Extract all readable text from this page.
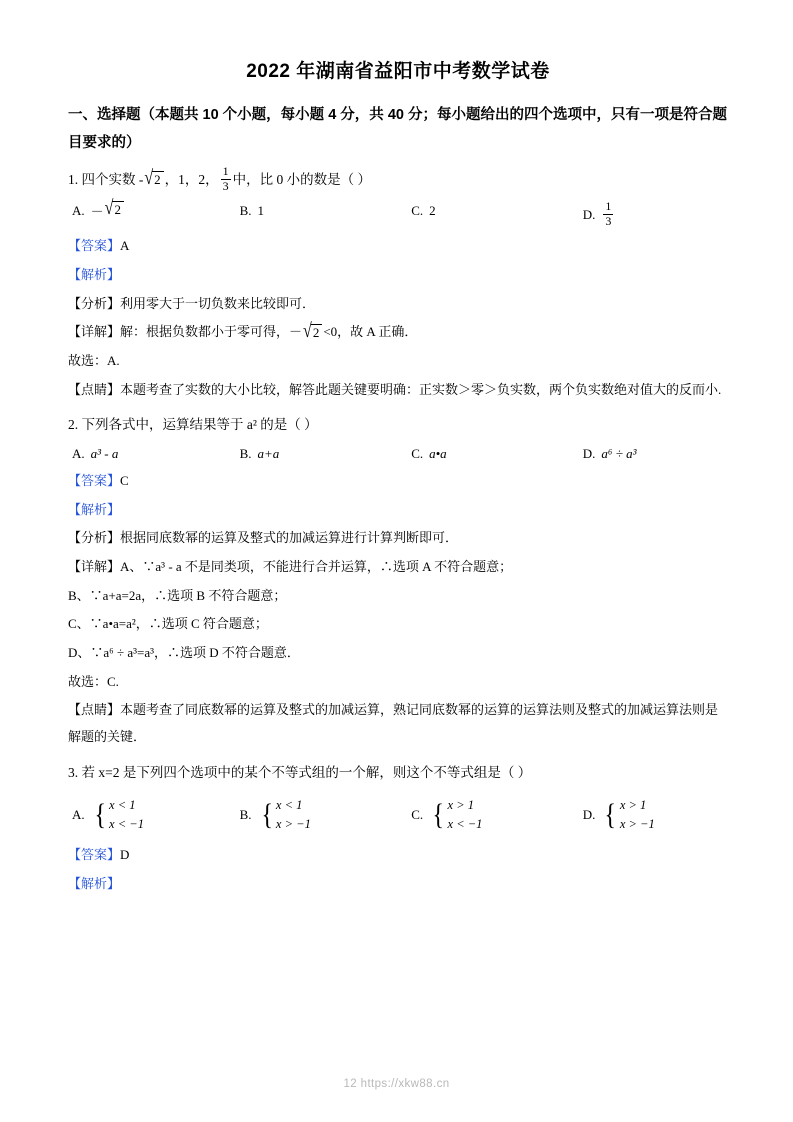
2022 年湖南省益阳市中考数学试卷
一、选择题（本题共 10 个小题，每小题 4 分，共 40 分；每小题给出的四个选项中，只有一项是符合题目要求的）
1. 四个实数 - √ 2 ，1，2， $\frac{1}{3}$ 中，比 0 小的数是（ ）
A. － √ 2	B. 1	C. 2	D. $\frac{1}{3}$
【答案】A
【解析】
【分析】利用零大于一切负数来比较即可．
【详解】解：根据负数都小于零可得，－ √ 2 <0，故 A 正确．
故选：A.
【点睛】本题考查了实数的大小比较，解答此题关键要明确：正实数＞零＞负实数，两个负实数绝对值大的反而小.
2. 下列各式中，运算结果等于 a² 的是（ ）
A. a³ - a	B. a+a	C. a•a	D. a⁶ ÷ a³
【答案】C
【解析】
【分析】根据同底数幂的运算及整式的加减运算进行计算判断即可．
【详解】A、∵a³ - a 不是同类项，不能进行合并运算，∴选项 A 不符合题意；
B、∵a+a=2a，∴选项 B 不符合题意；
C、∵a•a=a²，∴选项 C 符合题意；
D、∵a⁶ ÷ a³=a³，∴选项 D 不符合题意．
故选：C.
【点睛】本题考查了同底数幂的运算及整式的加减运算，熟记同底数幂的运算的运算法则及整式的加减运算法则是解题的关键．
3. 若 x=2 是下列四个选项中的某个不等式组的一个解，则这个不等式组是（ ）
A. { x < 1
x < −1
B. { x < 1
x > −1
C. { x > 1
x < −1
D. { x > 1
x > −1
【答案】D
【解析】
12 https://xkw88.cn
